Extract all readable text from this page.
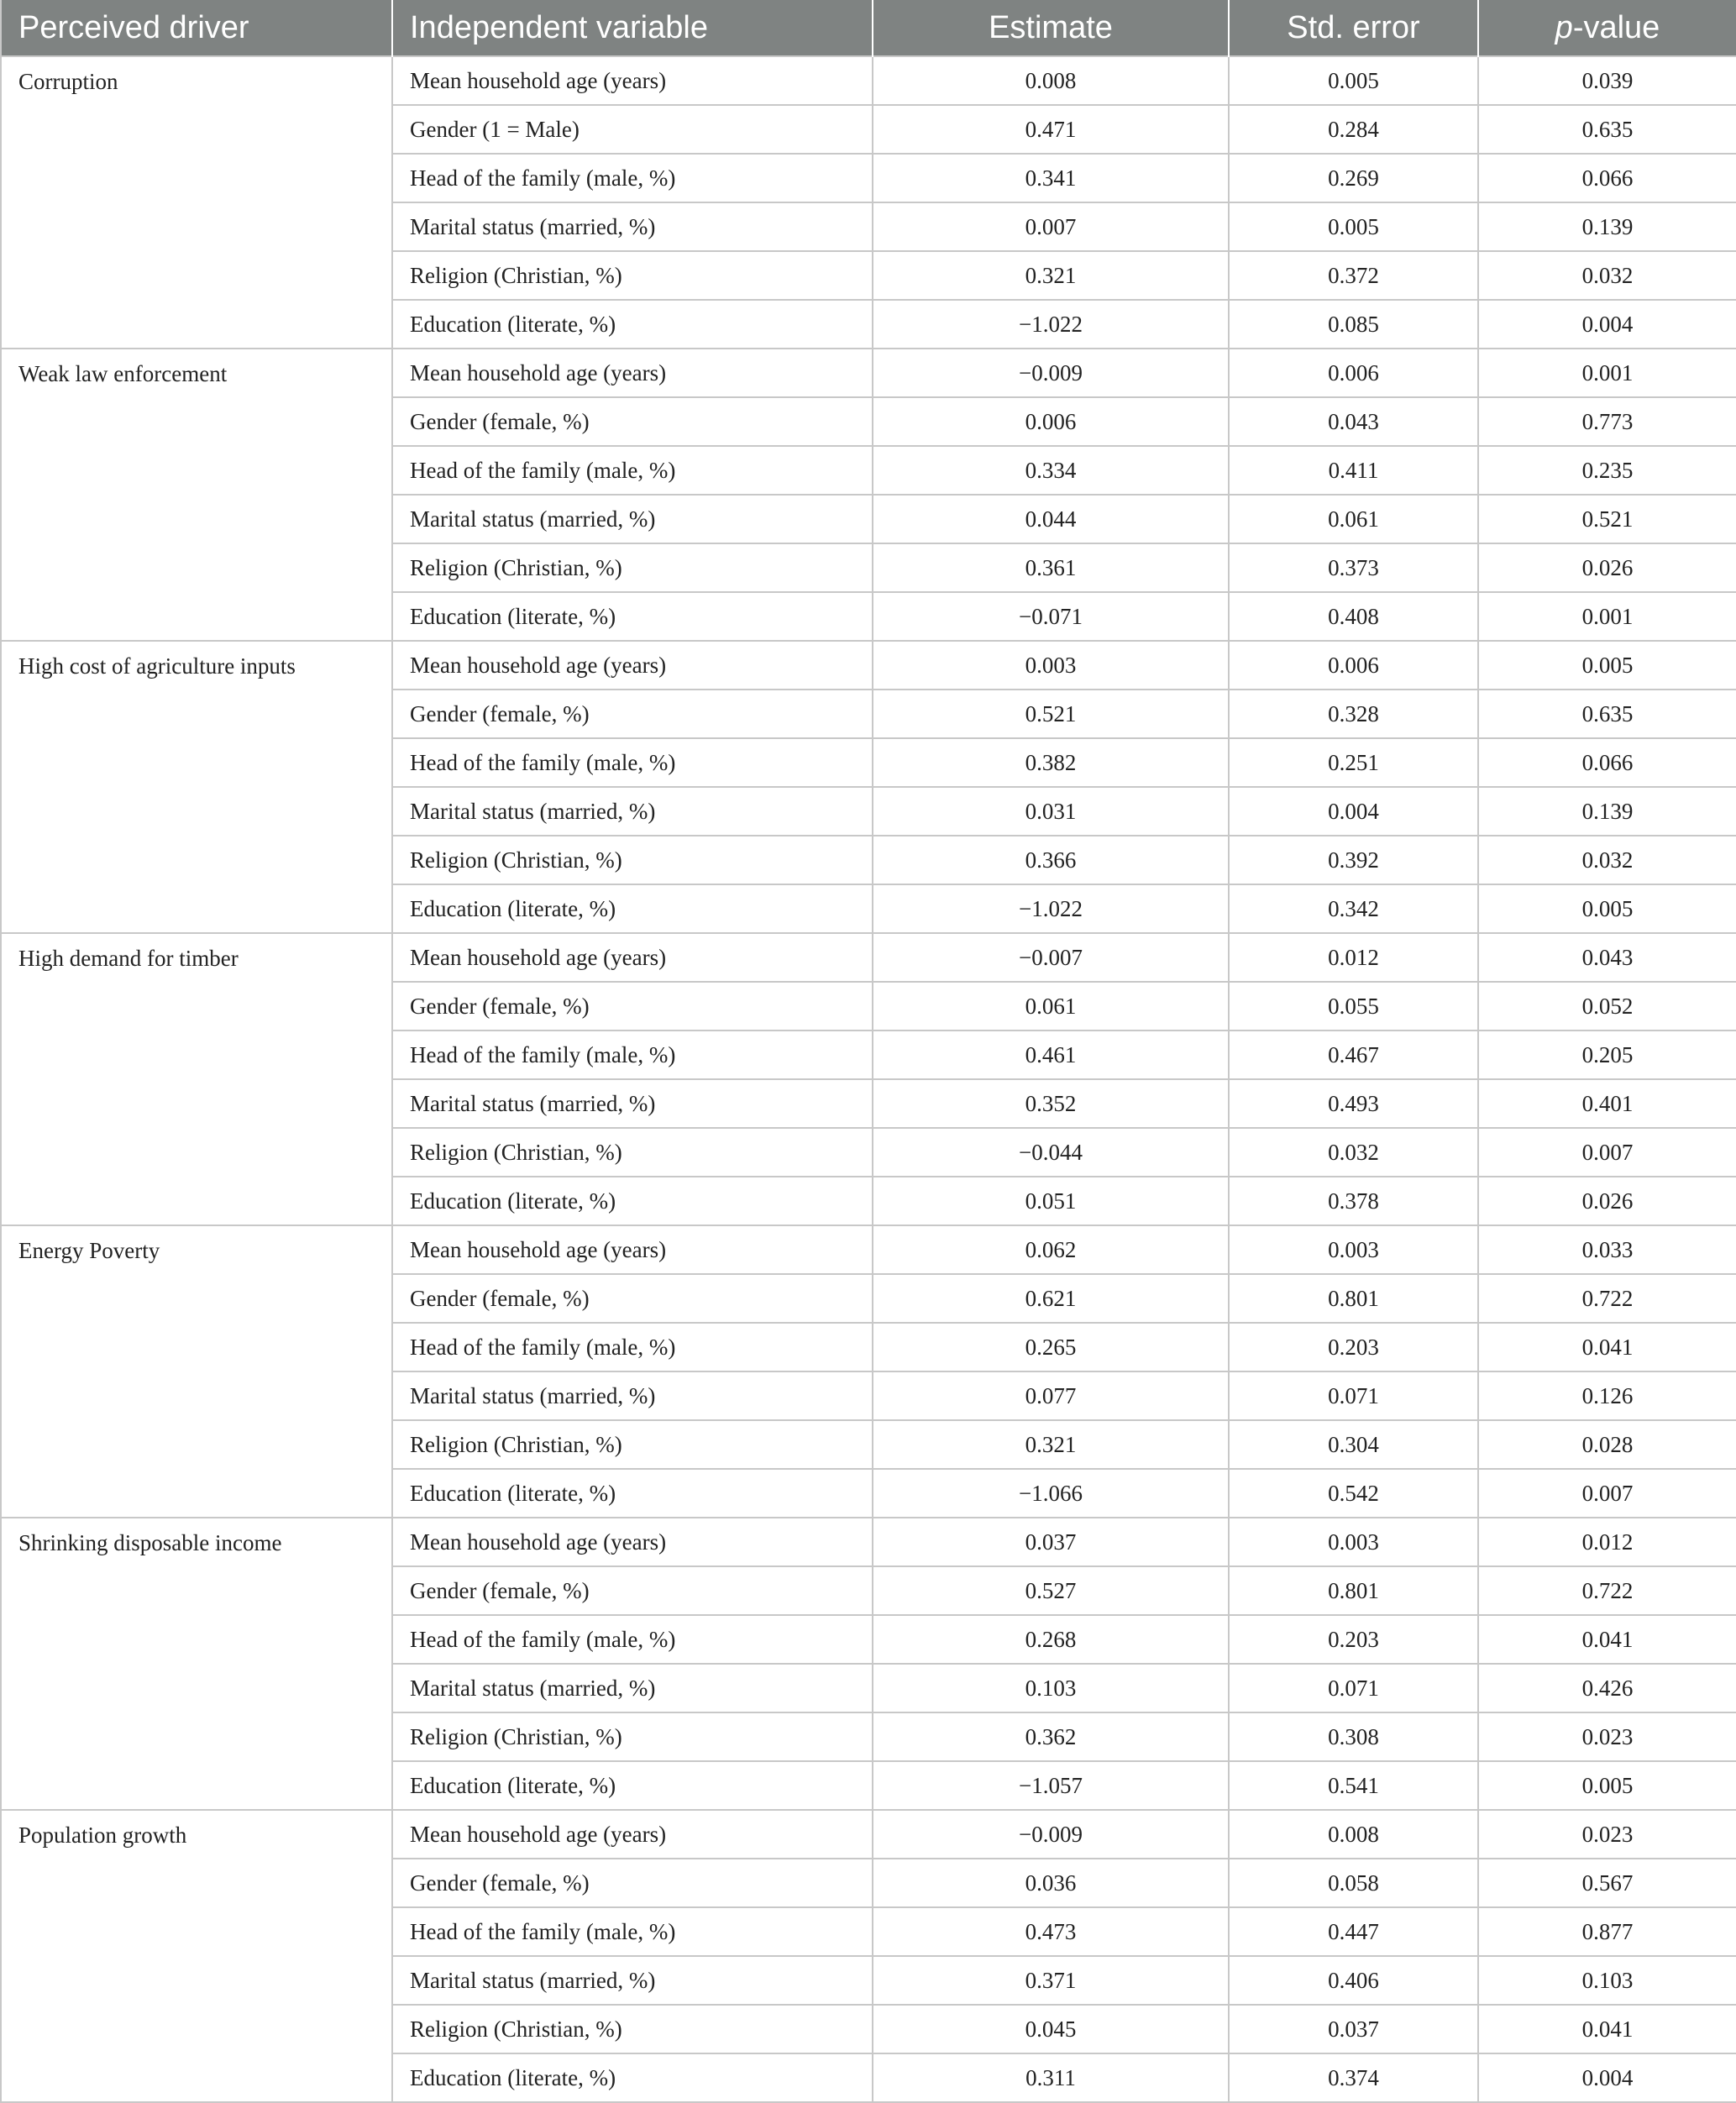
Perceived driver	Independent variable	Estimate	Std. error	p-value
Corruption	Mean household age (years)	0.008	0.005	0.039
	Gender (1 = Male)	0.471	0.284	0.635
	Head of the family (male, %)	0.341	0.269	0.066
	Marital status (married, %)	0.007	0.005	0.139
	Religion (Christian, %)	0.321	0.372	0.032
	Education (literate, %)	−1.022	0.085	0.004
Weak law enforcement	Mean household age (years)	−0.009	0.006	0.001
	Gender (female, %)	0.006	0.043	0.773
	Head of the family (male, %)	0.334	0.411	0.235
	Marital status (married, %)	0.044	0.061	0.521
	Religion (Christian, %)	0.361	0.373	0.026
	Education (literate, %)	−0.071	0.408	0.001
High cost of agriculture inputs	Mean household age (years)	0.003	0.006	0.005
	Gender (female, %)	0.521	0.328	0.635
	Head of the family (male, %)	0.382	0.251	0.066
	Marital status (married, %)	0.031	0.004	0.139
	Religion (Christian, %)	0.366	0.392	0.032
	Education (literate, %)	−1.022	0.342	0.005
High demand for timber	Mean household age (years)	−0.007	0.012	0.043
	Gender (female, %)	0.061	0.055	0.052
	Head of the family (male, %)	0.461	0.467	0.205
	Marital status (married, %)	0.352	0.493	0.401
	Religion (Christian, %)	−0.044	0.032	0.007
	Education (literate, %)	0.051	0.378	0.026
Energy Poverty	Mean household age (years)	0.062	0.003	0.033
	Gender (female, %)	0.621	0.801	0.722
	Head of the family (male, %)	0.265	0.203	0.041
	Marital status (married, %)	0.077	0.071	0.126
	Religion (Christian, %)	0.321	0.304	0.028
	Education (literate, %)	−1.066	0.542	0.007
Shrinking disposable income	Mean household age (years)	0.037	0.003	0.012
	Gender (female, %)	0.527	0.801	0.722
	Head of the family (male, %)	0.268	0.203	0.041
	Marital status (married, %)	0.103	0.071	0.426
	Religion (Christian, %)	0.362	0.308	0.023
	Education (literate, %)	−1.057	0.541	0.005
Population growth	Mean household age (years)	−0.009	0.008	0.023
	Gender (female, %)	0.036	0.058	0.567
	Head of the family (male, %)	0.473	0.447	0.877
	Marital status (married, %)	0.371	0.406	0.103
	Religion (Christian, %)	0.045	0.037	0.041
	Education (literate, %)	0.311	0.374	0.004
